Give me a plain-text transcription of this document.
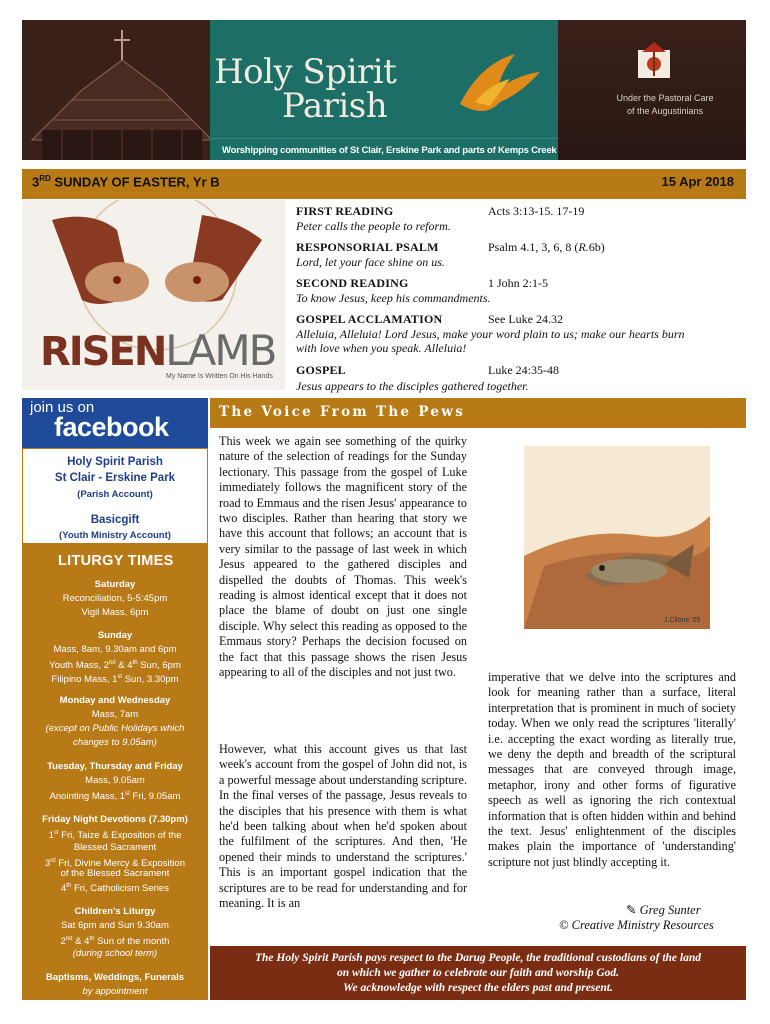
Holy Spirit
Parish
Worshipping communities of St Clair, Erskine Park and parts of Kemps Creek
Under the Pastoral Care
of the Augustinians
3RD SUNDAY OF EASTER, Yr B	15 Apr 2018
RISENLAMB
My Name Is Written On His Hands
FIRST READING	Acts 3:13-15. 17-19
Peter calls the people to reform.
RESPONSORIAL PSALM	Psalm 4.1, 3, 6, 8 (R.6b)
Lord, let your face shine on us.
SECOND READING	1 John 2:1-5
To know Jesus, keep his commandments.
GOSPEL ACCLAMATION	See Luke 24.32
Alleluia, Alleluia! Lord Jesus, make your word plain to us; make our hearts burn
with love when you speak. Alleluia!
GOSPEL	Luke 24:35-48
Jesus appears to the disciples gathered together.
join us on
facebook
Holy Spirit Parish
St Clair - Erskine Park
(Parish Account)
Basicgift
(Youth Ministry Account)
LITURGY TIMES
Saturday
Reconciliation, 5-5:45pm
Vigil Mass, 6pm
Sunday
Mass, 8am, 9.30am and 6pm
Youth Mass, 2nd & 4th Sun, 6pm
Filipino Mass, 1st Sun, 3.30pm
Monday and Wednesday
Mass, 7am
(except on Public Holidays which
changes to 9.05am)
Tuesday, Thursday and Friday
Mass, 9.05am
Anointing Mass, 1st Fri, 9.05am
Friday Night Devotions (7.30pm)
1st Fri, Taize & Exposition of the
Blessed Sacrament
3rd Fri, Divine Mercy & Exposition
of the Blessed Sacrament
4th Fri, Catholicism Series
Children's Liturgy
Sat 6pm and Sun 9.30am
2nd & 4th Sun of the month
(during school term)
Baptisms, Weddings, Funerals
by appointment
The Voice From The Pews
This week we again see something of the quirky nature of the selection of readings for the Sunday lectionary. This passage from the gospel of Luke immediately follows the magnificent story of the road to Emmaus and the risen Jesus' appearance to two disciples. Rather than hearing that story we have this account that follows; an account that is very similar to the passage of last week in which Jesus appeared to the gathered disciples and dispelled the doubts of Thomas. This week's reading is almost identical except that it does not place the blame of doubt on just one single disciple. Why select this reading as opposed to the Emmaus story? Perhaps the decision focused on the fact that this passage shows the risen Jesus appearing to all of the disciples and not just two.
However, what this account gives us that last week's account from the gospel of John did not, is a powerful message about understanding scripture. In the final verses of the passage, Jesus reveals to the disciples that his presence with them is what he'd been talking about when he'd spoken about the fulfilment of the scriptures. And then, 'He opened their minds to understand the scriptures.' This is an important gospel indication that the scriptures are to be read for understanding and for meaning. It is an
J.Cilone '05
imperative that we delve into the scriptures and look for meaning rather than a surface, literal interpretation that is prominent in much of society today. When we only read the scriptures 'literally' i.e. accepting the exact wording as literally true, we deny the depth and breadth of the scriptural messages that are conveyed through image, metaphor, irony and other forms of figurative speech as well as ignoring the rich contextual information that is often hidden within and behind the text. Jesus' enlightenment of the disciples makes plain the importance of 'understanding' scripture not just blindly accepting it.
✎ Greg Sunter
© Creative Ministry Resources
The Holy Spirit Parish pays respect to the Darug People, the traditional custodians of the land
on which we gather to celebrate our faith and worship God.
We acknowledge with respect the elders past and present.
